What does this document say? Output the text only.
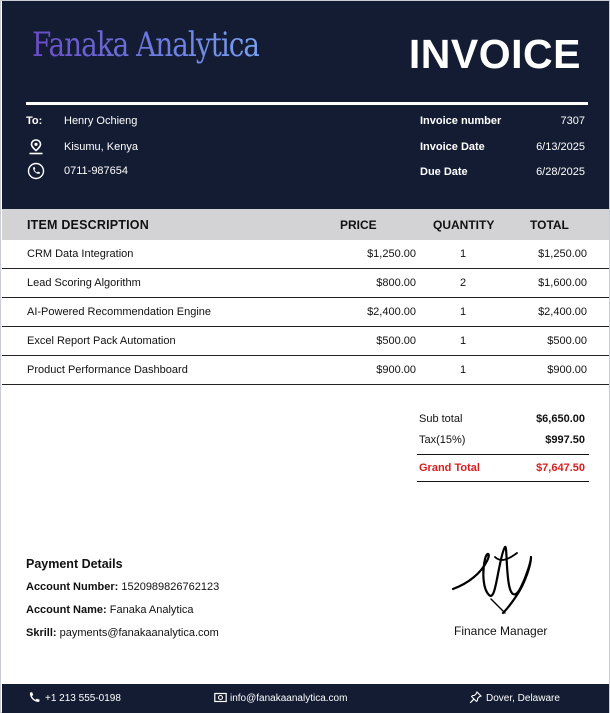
Fanaka Analytica	INVOICE
To: Henry Ochieng
Kisumu, Kenya
0711-987654
Invoice number	7307
Invoice Date	6/13/2025
Due Date	6/28/2025
ITEM DESCRIPTION	PRICE	QUANTITY	TOTAL
CRM Data Integration	$1,250.00	1	$1,250.00
Lead Scoring Algorithm	$800.00	2	$1,600.00
AI-Powered Recommendation Engine	$2,400.00	1	$2,400.00
Excel Report Pack Automation	$500.00	1	$500.00
Product Performance Dashboard	$900.00	1	$900.00
Sub total	$6,650.00
Tax(15%)	$997.50
Grand Total	$7,647.50
Payment Details
Account Number: 1520989826762123
Account Name: Fanaka Analytica
Skrill: payments@fanakaanalytica.com	Finance Manager
+1 213 555-0198	info@fanakaanalytica.com	Dover, Delaware
